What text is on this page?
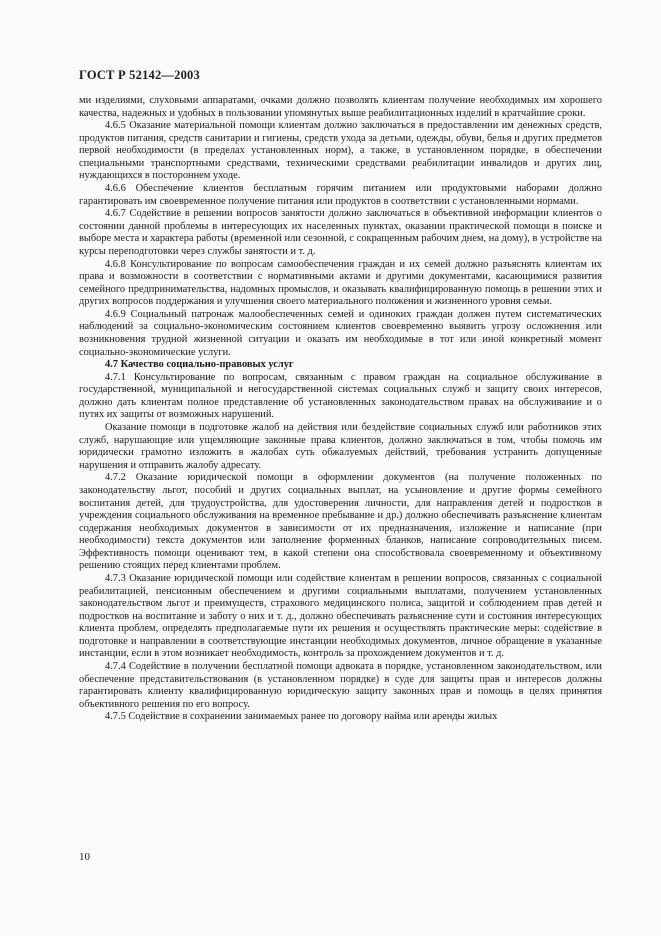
ГОСТ Р 52142—2003

ми изделиями, слуховыми аппаратами, очками должно позволять клиентам получение необходимых им хорошего качества, надежных и удобных в пользовании упомянутых выше реабилитационных изделий в кратчайшие сроки.

4.6.5 Оказание материальной помощи клиентам должно заключаться в предоставлении им денежных средств, продуктов питания, средств санитарии и гигиены, средств ухода за детьми, одежды, обуви, белья и других предметов первой необходимости (в пределах установленных норм), а также, в установленном порядке, в обеспечении специальными транспортными средствами, техническими средствами реабилитации инвалидов и других лиц, нуждающихся в постороннем уходе.

4.6.6 Обеспечение клиентов бесплатным горячим питанием или продуктовыми наборами должно гарантировать им своевременное получение питания или продуктов в соответствии с установленными нормами.

4.6.7 Содействие в решении вопросов занятости должно заключаться в объективной информации клиентов о состоянии данной проблемы в интересующих их населенных пунктах, оказании практической помощи в поиске и выборе места и характера работы (временной или сезонной, с сокращенным рабочим днем, на дому), в устройстве на курсы переподготовки через службы занятости и т. д.

4.6.8 Консультирование по вопросам самообеспечения граждан и их семей должно разъяснять клиентам их права и возможности в соответствии с нормативными актами и другими документами, касающимися развития семейного предпринимательства, надомных промыслов, и оказывать квалифицированную помощь в решении этих и других вопросов поддержания и улучшения своего материального положения и жизненного уровня семьи.

4.6.9 Социальный патронаж малообеспеченных семей и одиноких граждан должен путем систематических наблюдений за социально-экономическим состоянием клиентов своевременно выявить угрозу осложнения или возникновения трудной жизненной ситуации и оказать им необходимые в тот или иной конкретный момент социально-экономические услуги.

4.7 Качество социально-правовых услуг

4.7.1 Консультирование по вопросам, связанным с правом граждан на социальное обслуживание в государственной, муниципальной и негосударственной системах социальных служб и защиту своих интересов, должно дать клиентам полное представление об установленных законодательством правах на обслуживание и о путях их защиты от возможных нарушений.

Оказание помощи в подготовке жалоб на действия или бездействие социальных служб или работников этих служб, нарушающие или ущемляющие законные права клиентов, должно заключаться в том, чтобы помочь им юридически грамотно изложить в жалобах суть обжалуемых действий, требования устранить допущенные нарушения и отправить жалобу адресату.

4.7.2 Оказание юридической помощи в оформлении документов (на получение положенных по законодательству льгот, пособий и других социальных выплат, на усыновление и другие формы семейного воспитания детей, для трудоустройства, для удостоверения личности, для направления детей и подростков в учреждения социального обслуживания на временное пребывание и др.) должно обеспечивать разъяснение клиентам содержания необходимых документов в зависимости от их предназначения, изложение и написание (при необходимости) текста документов или заполнение форменных бланков, написание сопроводительных писем. Эффективность помощи оценивают тем, в какой степени она способствовала своевременному и объективному решению стоящих перед клиентами проблем.

4.7.3 Оказание юридической помощи или содействие клиентам в решении вопросов, связанных с социальной реабилитацией, пенсионным обеспечением и другими социальными выплатами, получением установленных законодательством льгот и преимуществ, страхового медицинского полиса, защитой и соблюдением прав детей и подростков на воспитание и заботу о них и т. д., должно обеспечивать разъяснение сути и состояния интересующих клиента проблем, определять предполагаемые пути их решения и осуществлять практические меры: содействие в подготовке и направлении в соответствующие инстанции необходимых документов, личное обращение в указанные инстанции, если в этом возникает необходимость, контроль за прохождением документов и т. д.

4.7.4 Содействие в получении бесплатной помощи адвоката в порядке, установленном законодательством, или обеспечение представительствования (в установленном порядке) в суде для защиты прав и интересов должны гарантировать клиенту квалифицированную юридическую защиту законных прав и помощь в целях принятия объективного решения по его вопросу.

4.7.5 Содействие в сохранении занимаемых ранее по договору найма или аренды жилых

10
